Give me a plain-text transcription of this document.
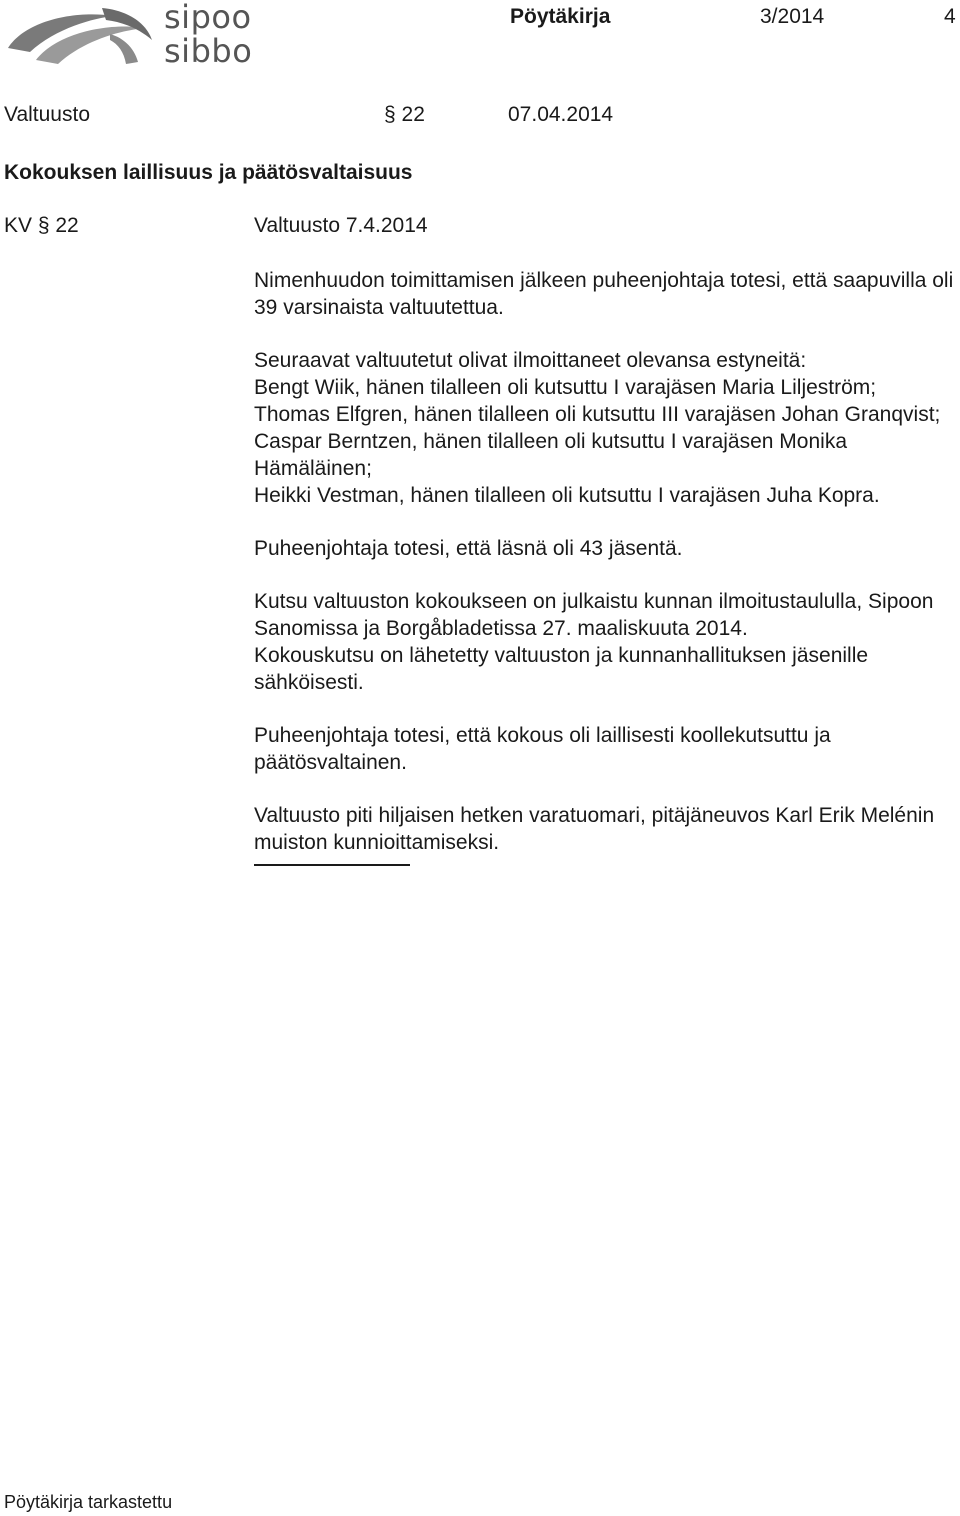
sipoo
sibbo
Pöytäkirja	3/2014	4
Valtuusto	§ 22	07.04.2014
Kokouksen laillisuus ja päätösvaltaisuus
KV § 22	Valtuusto 7.4.2014

Nimenhuudon toimittamisen jälkeen puheenjohtaja totesi, että saapuvilla oli 39 varsinaista valtuutettua.

Seuraavat valtuutetut olivat ilmoittaneet olevansa estyneitä:
Bengt Wiik, hänen tilalleen oli kutsuttu I varajäsen Maria Liljeström;
Thomas Elfgren, hänen tilalleen oli kutsuttu III varajäsen Johan Granqvist;
Caspar Berntzen, hänen tilalleen oli kutsuttu I varajäsen Monika Hämäläinen;
Heikki Vestman, hänen tilalleen oli kutsuttu I varajäsen Juha Kopra.

Puheenjohtaja totesi, että läsnä oli 43 jäsentä.

Kutsu valtuuston kokoukseen on julkaistu kunnan ilmoitustaululla, Sipoon Sanomissa ja Borgåbladetissa 27. maaliskuuta 2014.

Kokouskutsu on lähetetty valtuuston ja kunnanhallituksen jäsenille sähköisesti.

Puheenjohtaja totesi, että kokous oli laillisesti koollekutsuttu ja päätösvaltainen.

Valtuusto piti hiljaisen hetken varatuomari, pitäjäneuvos Karl Erik Melénin muiston kunnioittamiseksi.

Pöytäkirja tarkastettu
